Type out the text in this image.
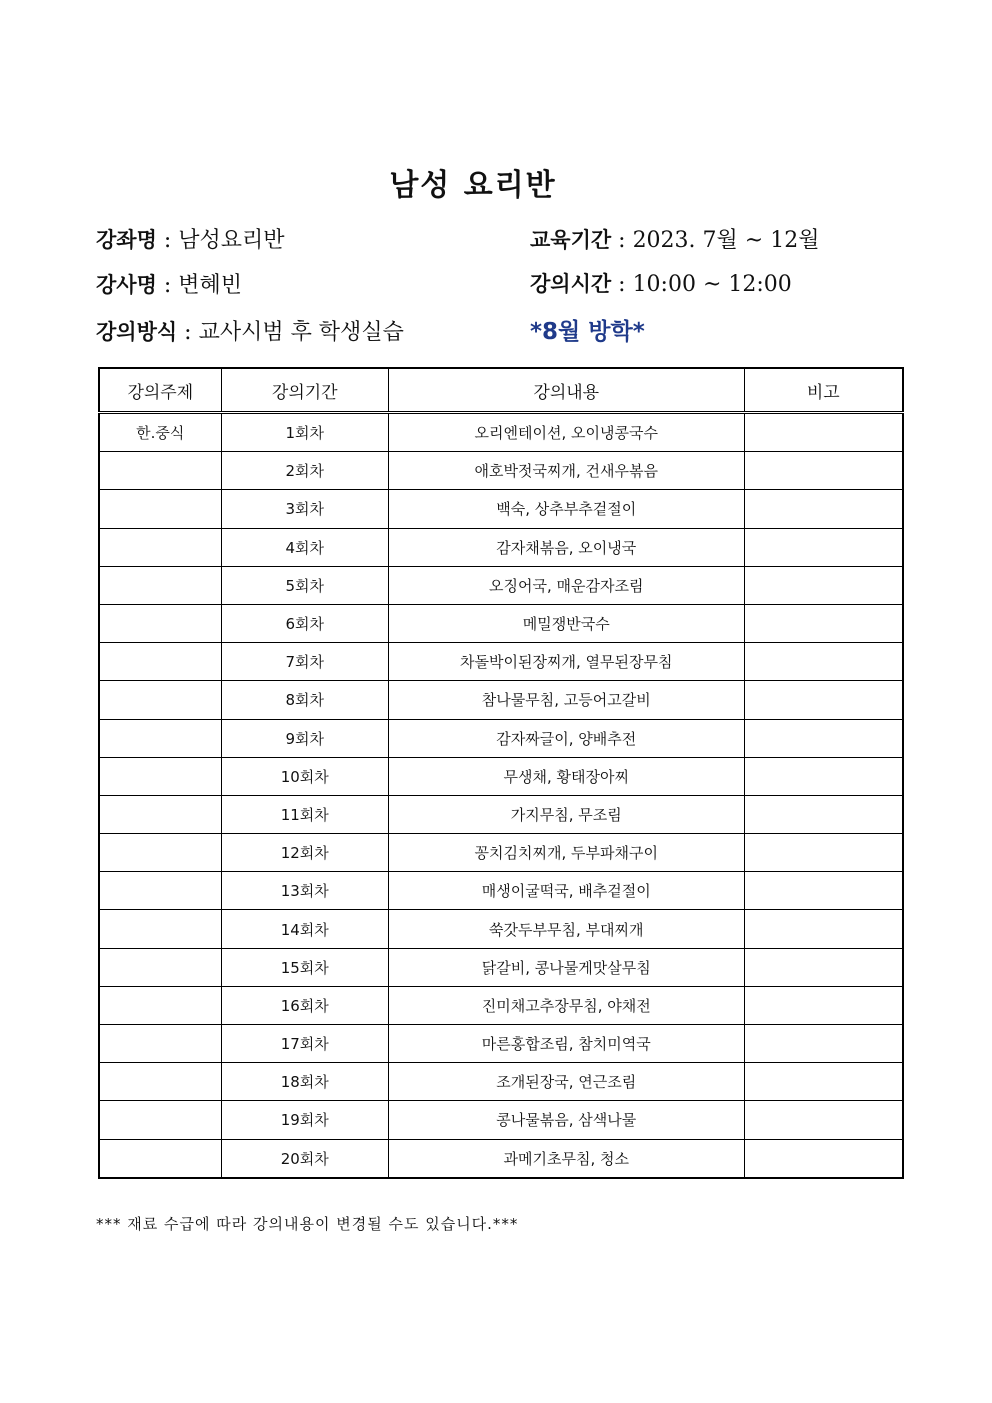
남성 요리반
강좌명 : 남성요리반	교육기간 : 2023. 7월 ~ 12월
강사명 : 변혜빈	강의시간 : 10:00 ~ 12:00
강의방식 : 교사시범 후 학생실습	*8월 방학*
강의주제	강의기간	강의내용	비고
한.중식	1회차	오리엔테이션, 오이냉콩국수	
	2회차	애호박젓국찌개, 건새우볶음	
	3회차	백숙, 상추부추겉절이	
	4회차	감자채볶음, 오이냉국	
	5회차	오징어국, 매운감자조림	
	6회차	메밀쟁반국수	
	7회차	차돌박이된장찌개, 열무된장무침	
	8회차	참나물무침, 고등어고갈비	
	9회차	감자짜글이, 양배추전	
	10회차	무생채, 황태장아찌	
	11회차	가지무침, 무조림	
	12회차	꽁치김치찌개, 두부파채구이	
	13회차	매생이굴떡국, 배추겉절이	
	14회차	쑥갓두부무침, 부대찌개	
	15회차	닭갈비, 콩나물게맛살무침	
	16회차	진미채고추장무침, 야채전	
	17회차	마른홍합조림, 참치미역국	
	18회차	조개된장국, 연근조림	
	19회차	콩나물볶음, 삼색나물	
	20회차	과메기초무침, 청소	
*** 재료 수급에 따라 강의내용이 변경될 수도 있습니다.***
